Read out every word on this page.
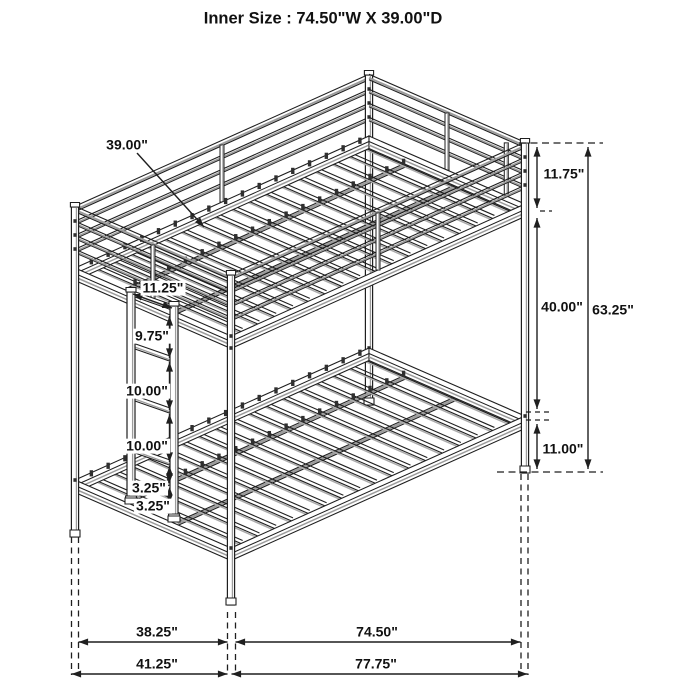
Inner Size : 74.50"W X 39.00"D
39.00"
11.25"
9.75"
10.00"
10.00"
3.25"
3.25"
11.75"
40.00" 63.25"
11.00"
38.25"	74.50"
41.25"	77.75"
